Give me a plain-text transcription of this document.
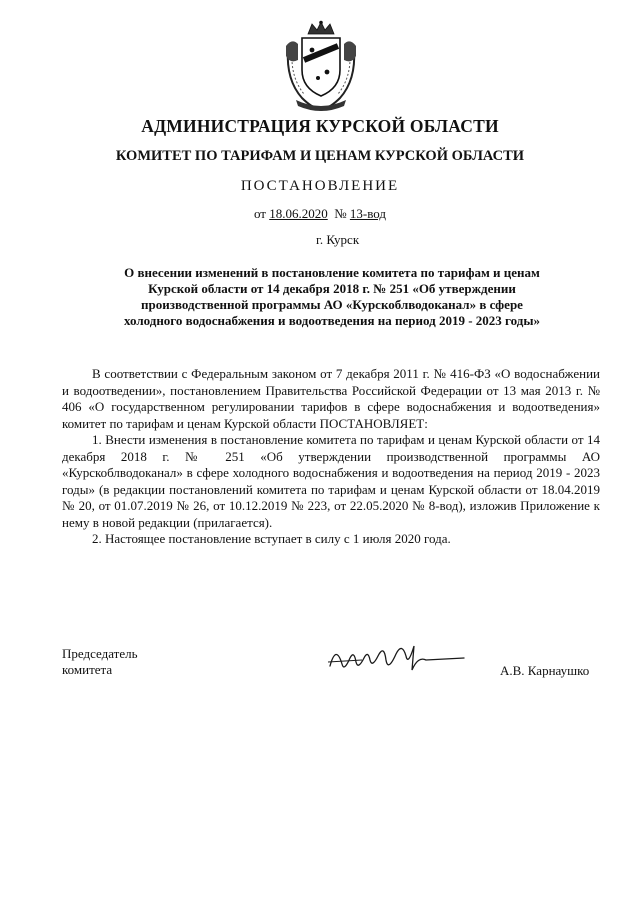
АДМИНИСТРАЦИЯ КУРСКОЙ ОБЛАСТИ
КОМИТЕТ ПО ТАРИФАМ И ЦЕНАМ КУРСКОЙ ОБЛАСТИ
ПОСТАНОВЛЕНИЕ
от 18.06.2020 № 13-вод
г. Курск
О внесении изменений в постановление комитета по тарифам и ценам
Курской области от 14 декабря 2018 г. № 251 «Об утверждении
производственной программы АО «Курскоблводоканал» в сфере
холодного водоснабжения и водоотведения на период 2019 - 2023 годы»

В соответствии с Федеральным законом от 7 декабря 2011 г. № 416-ФЗ «О водоснабжении и водоотведении», постановлением Правительства Российской Федерации от 13 мая 2013 г. № 406 «О государственном регулировании тарифов в сфере водоснабжения и водоотведения» комитет по тарифам и ценам Курской области ПОСТАНОВЛЯЕТ:

1. Внести изменения в постановление комитета по тарифам и ценам Курской области от 14 декабря 2018 г. № 251 «Об утверждении производственной программы АО «Курскоблводоканал» в сфере холодного водоснабжения и водоотведения на период 2019 - 2023 годы» (в редакции постановлений комитета по тарифам и ценам Курской области от 18.04.2019 № 20, от 01.07.2019 № 26, от 10.12.2019 № 223, от 22.05.2020 № 8-вод), изложив Приложение к нему в новой редакции (прилагается).

2. Настоящее постановление вступает в силу с 1 июля 2020 года.

Председатель
комитета	А.В. Карнаушко
